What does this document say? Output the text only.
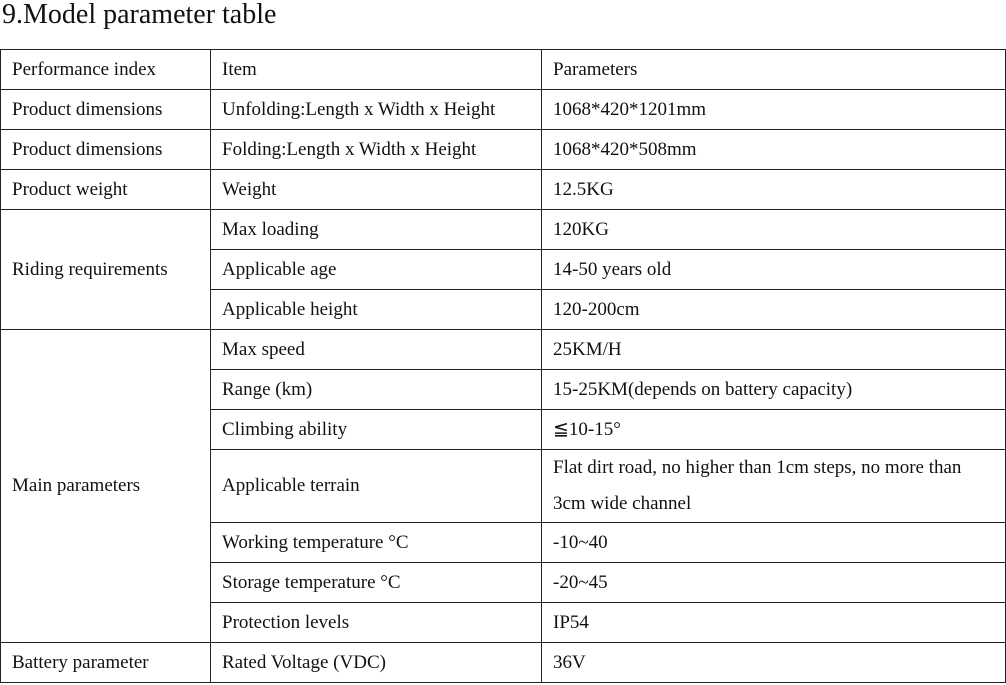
9.Model parameter table
Performance index	Item	Parameters
Product dimensions	Unfolding:Length x Width x Height	1068*420*1201mm
Product dimensions	Folding:Length x Width x Height	1068*420*508mm
Product weight	Weight	12.5KG
Riding requirements	Max loading	120KG
	Applicable age	14-50 years old
	Applicable height	120-200cm
Main parameters	Max speed	25KM/H
	Range (km)	15-25KM(depends on battery capacity)
	Climbing ability	≦10-15°
	Applicable terrain	Flat dirt road, no higher than 1cm steps, no more than 3cm wide channel
	Working temperature °C	-10~40
	Storage temperature °C	-20~45
	Protection levels	IP54
Battery parameter	Rated Voltage (VDC)	36V
